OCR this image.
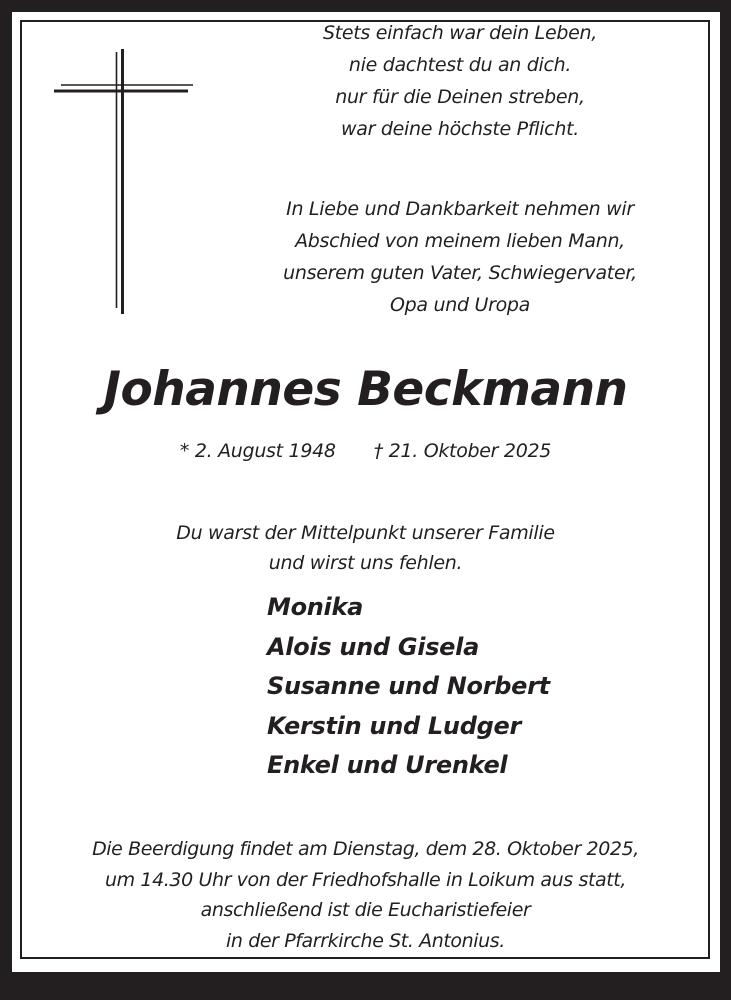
Stets einfach war dein Leben,
nie dachtest du an dich.
nur für die Deinen streben,
war deine höchste Pflicht.
In Liebe und Dankbarkeit nehmen wir
Abschied von meinem lieben Mann,
unserem guten Vater, Schwiegervater,
Opa und Uropa
Johannes Beckmann
* 2. August 1948 † 21. Oktober 2025
Du warst der Mittelpunkt unserer Familie
und wirst uns fehlen.
Monika
Alois und Gisela
Susanne und Norbert
Kerstin und Ludger
Enkel und Urenkel
Die Beerdigung findet am Dienstag, dem 28. Oktober 2025,
um 14.30 Uhr von der Friedhofshalle in Loikum aus statt,
anschließend ist die Eucharistiefeier
in der Pfarrkirche St. Antonius.
